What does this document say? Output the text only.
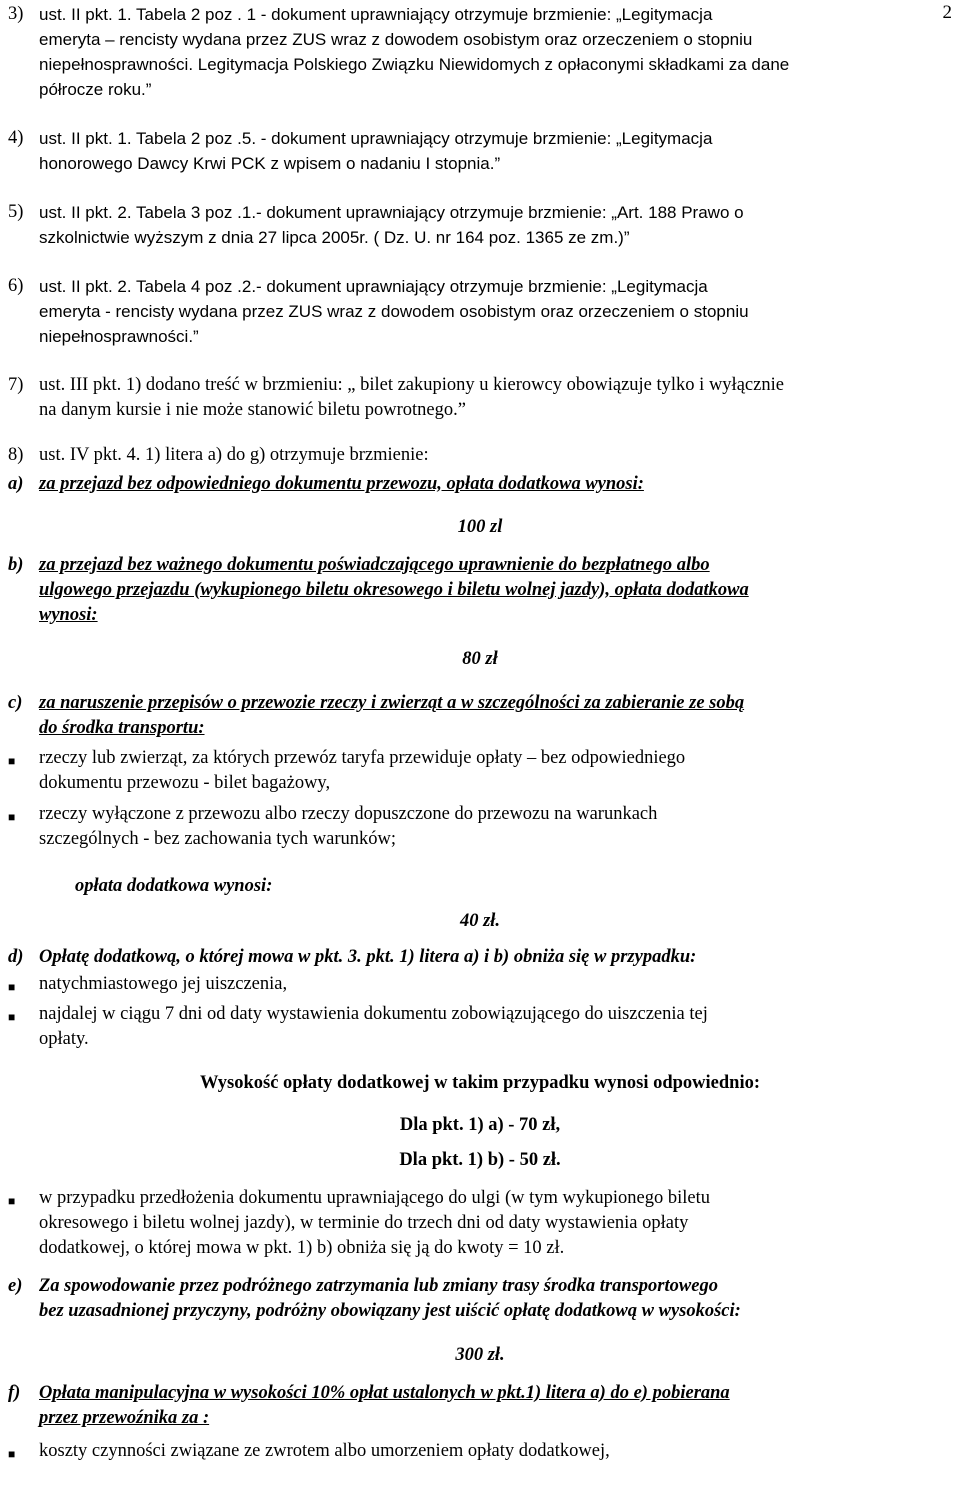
2
3) ust. II pkt. 1. Tabela 2 poz . 1 - dokument uprawniający otrzymuje brzmienie: „Legitymacja
emeryta – rencisty wydana przez ZUS wraz z dowodem osobistym oraz orzeczeniem o stopniu
niepełnosprawności. Legitymacja Polskiego Związku Niewidomych z opłaconymi składkami za dane
półrocze roku.”
4) ust. II pkt. 1. Tabela 2 poz .5. - dokument uprawniający otrzymuje brzmienie: „Legitymacja
honorowego Dawcy Krwi PCK z wpisem o nadaniu I stopnia.”
5) ust. II pkt. 2. Tabela 3 poz .1.- dokument uprawniający otrzymuje brzmienie: „Art. 188 Prawo o
szkolnictwie wyższym z dnia 27 lipca 2005r. ( Dz. U. nr 164 poz. 1365 ze zm.)”
6) ust. II pkt. 2. Tabela 4 poz .2.- dokument uprawniający otrzymuje brzmienie: „Legitymacja
emeryta - rencisty wydana przez ZUS wraz z dowodem osobistym oraz orzeczeniem o stopniu
niepełnosprawności.”
7) ust. III pkt. 1) dodano treść w brzmieniu: „ bilet zakupiony u kierowcy obowiązuje tylko i wyłącznie
na danym kursie i nie może stanowić biletu powrotnego.”
8) ust. IV pkt. 4. 1) litera a) do g) otrzymuje brzmienie:
a) za przejazd bez odpowiedniego dokumentu przewozu, opłata dodatkowa wynosi:
100 zl
b) za przejazd bez ważnego dokumentu poświadczającego uprawnienie do bezpłatnego albo
ulgowego przejazdu (wykupionego biletu okresowego i biletu wolnej jazdy), opłata dodatkowa
wynosi:
80 zł
c) za naruszenie przepisów o przewozie rzeczy i zwierząt a w szczególności za zabieranie ze sobą
do środka transportu:
■	rzeczy lub zwierząt, za których przewóz taryfa przewiduje opłaty – bez odpowiedniego
dokumentu przewozu - bilet bagażowy,
■	rzeczy wyłączone z przewozu albo rzeczy dopuszczone do przewozu na warunkach
szczególnych - bez zachowania tych warunków;
opłata dodatkowa wynosi:
40 zł.
d) Opłatę dodatkową, o której mowa w pkt. 3. pkt. 1) litera a) i b) obniża się w przypadku:
■	natychmiastowego jej uiszczenia,
■	najdalej w ciągu 7 dni od daty wystawienia dokumentu zobowiązującego do uiszczenia tej
opłaty.
Wysokość opłaty dodatkowej w takim przypadku wynosi odpowiednio:
Dla pkt. 1) a) - 70 zł,
Dla pkt. 1) b) - 50 zł.
■	w przypadku przedłożenia dokumentu uprawniającego do ulgi (w tym wykupionego biletu
okresowego i biletu wolnej jazdy), w terminie do trzech dni od daty wystawienia opłaty
dodatkowej, o której mowa w pkt. 1) b) obniża się ją do kwoty = 10 zł.
e) Za spowodowanie przez podróżnego zatrzymania lub zmiany trasy środka transportowego
bez uzasadnionej przyczyny, podróżny obowiązany jest uiścić opłatę dodatkową w wysokości:
300 zł.
f)	Opłata manipulacyjna w wysokości 10% opłat ustalonych w pkt.1) litera a) do e) pobierana
przez przewoźnika za :
■	koszty czynności związane ze zwrotem albo umorzeniem opłaty dodatkowej,
